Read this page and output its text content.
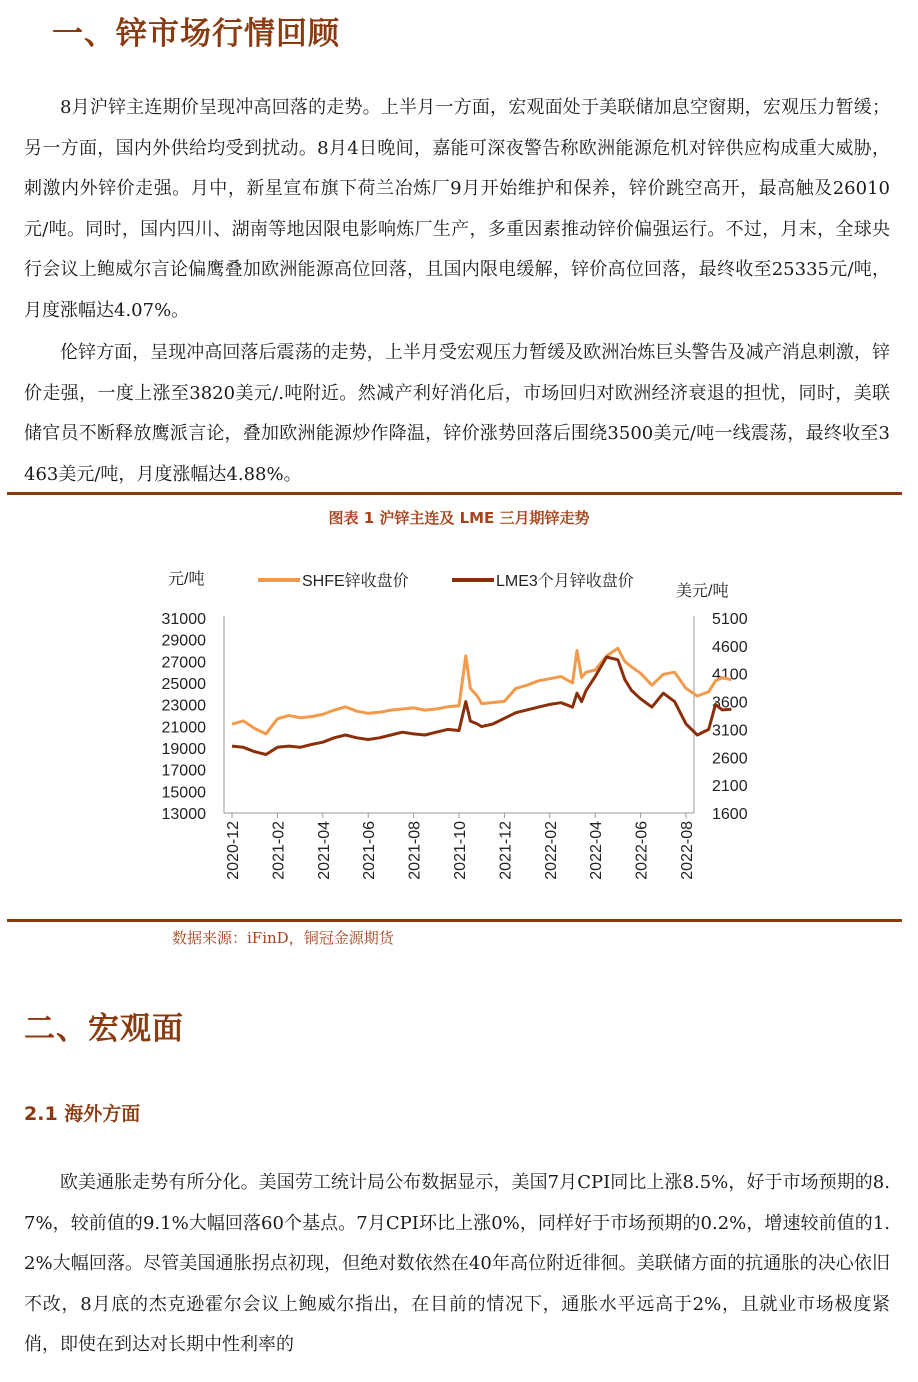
一、锌市场行情回顾

8月沪锌主连期价呈现冲高回落的走势。上半月一方面，宏观面处于美联储加息空窗期，宏观压力暂缓；另一方面，国内外供给均受到扰动。8月4日晚间，嘉能可深夜警告称欧洲能源危机对锌供应构成重大威胁，刺激内外锌价走强。月中，新星宣布旗下荷兰冶炼厂9月开始维护和保养，锌价跳空高开，最高触及26010元/吨。同时，国内四川、湖南等地因限电影响炼厂生产，多重因素推动锌价偏强运行。不过，月末，全球央行会议上鲍威尔言论偏鹰叠加欧洲能源高位回落，且国内限电缓解，锌价高位回落，最终收至25335元/吨，月度涨幅达4.07%。

伦锌方面，呈现冲高回落后震荡的走势，上半月受宏观压力暂缓及欧洲冶炼巨头警告及减产消息刺激，锌价走强，一度上涨至3820美元/.吨附近。然减产利好消化后，市场回归对欧洲经济衰退的担忧，同时，美联储官员不断释放鹰派言论，叠加欧洲能源炒作降温，锌价涨势回落后围绕3500美元/吨一线震荡，最终收至3463美元/吨，月度涨幅达4.88%。

图表 1 沪锌主连及 LME 三月期锌走势
元/吨
美元/吨
SHFE锌收盘价	LME3个月锌收盘价
31000
29000
27000
25000
23000
21000
19000
17000
15000
13000
5100
4600
4100
3600
3100
2600
2100
1600
2020-12 2021-02 2021-04 2021-06 2021-08 2021-10 2021-12 2022-02 2022-04 2022-06 2022-08
数据来源：iFinD，铜冠金源期货
二、宏观面
2.1 海外方面

欧美通胀走势有所分化。美国劳工统计局公布数据显示，美国7月CPI同比上涨8.5%，好于市场预期的8.7%，较前值的9.1%大幅回落60个基点。7月CPI环比上涨0%，同样好于市场预期的0.2%，增速较前值的1.2%大幅回落。尽管美国通胀拐点初现，但绝对数依然在40年高位附近徘徊。美联储方面的抗通胀的决心依旧不改，8月底的杰克逊霍尔会议上鲍威尔指出，在目前的情况下，通胀水平远高于2%，且就业市场极度紧俏，即使在到达对长期中性利率的
